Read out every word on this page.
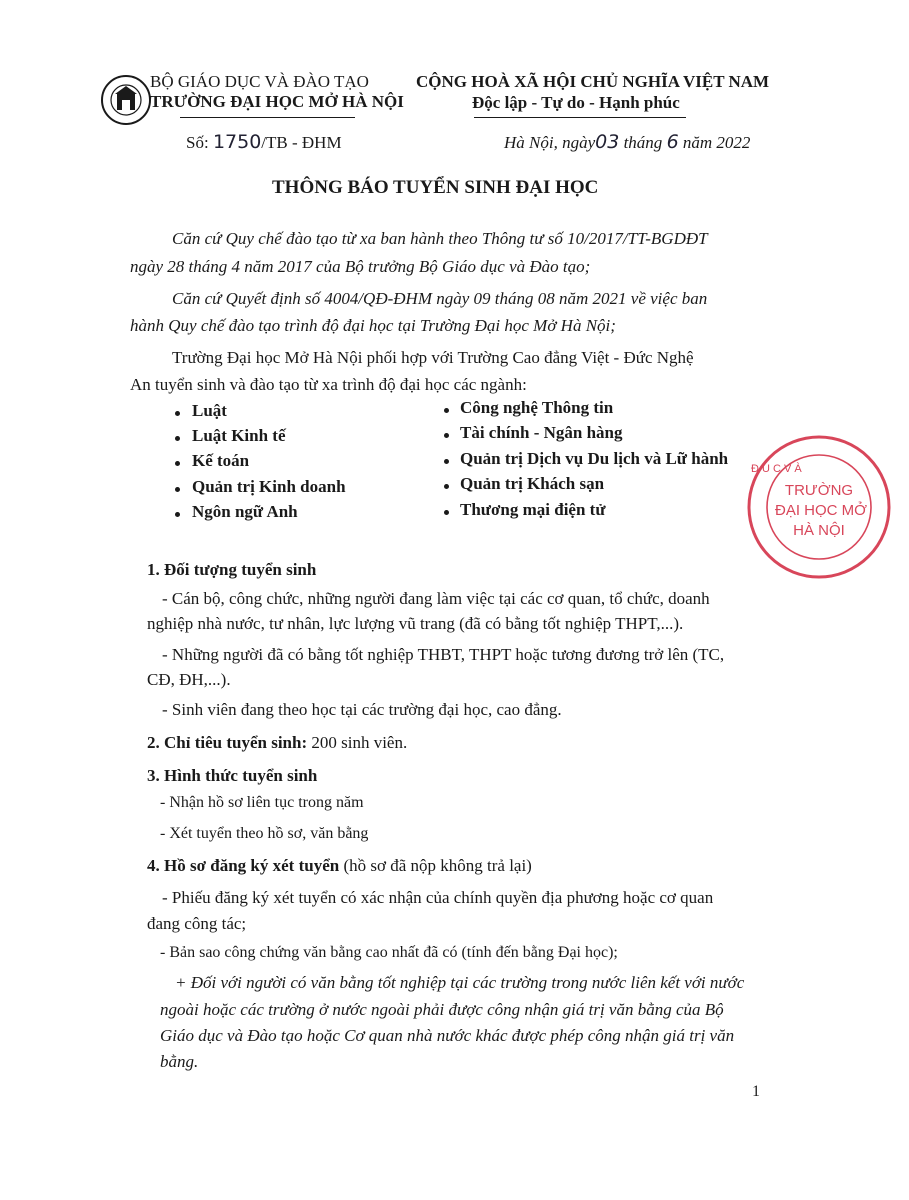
BỘ GIÁO DỤC VÀ ĐÀO TẠO
TRƯỜNG ĐẠI HỌC MỞ HÀ NỘI
Số: 1750/TB - ĐHM
CỘNG HOÀ XÃ HỘI CHỦ NGHĨA VIỆT NAM
Độc lập - Tự do - Hạnh phúc
Hà Nội, ngày03 tháng 6 năm 2022
THÔNG BÁO TUYỂN SINH ĐẠI HỌC
Căn cứ Quy chế đào tạo từ xa ban hành theo Thông tư số 10/2017/TT-BGDĐT
ngày 28 tháng 4 năm 2017 của Bộ trưởng Bộ Giáo dục và Đào tạo;
Căn cứ Quyết định số 4004/QĐ-ĐHM ngày 09 tháng 08 năm 2021 về việc ban
hành Quy chế đào tạo trình độ đại học tại Trường Đại học Mở Hà Nội;
Trường Đại học Mở Hà Nội phối hợp với Trường Cao đẳng Việt - Đức Nghệ
An tuyển sinh và đào tạo từ xa trình độ đại học các ngành:
Luật
Luật Kinh tế
Kế toán
Quản trị Kinh doanh
Ngôn ngữ Anh
Công nghệ Thông tin
Tài chính - Ngân hàng
Quản trị Dịch vụ Du lịch và Lữ hành
Quản trị Khách sạn
Thương mại điện tử
TRƯỜNG
ĐẠI HỌC MỞ
HÀ NỘI
Đ U C V À
1. Đối tượng tuyển sinh
- Cán bộ, công chức, những người đang làm việc tại các cơ quan, tổ chức, doanh
nghiệp nhà nước, tư nhân, lực lượng vũ trang (đã có bằng tốt nghiệp THPT,...).
- Những người đã có bằng tốt nghiệp THBT, THPT hoặc tương đương trở lên (TC,
CĐ, ĐH,...).
- Sinh viên đang theo học tại các trường đại học, cao đẳng.
2. Chỉ tiêu tuyển sinh: 200 sinh viên.
3. Hình thức tuyển sinh
- Nhận hồ sơ liên tục trong năm
- Xét tuyển theo hồ sơ, văn bằng
4. Hồ sơ đăng ký xét tuyển (hồ sơ đã nộp không trả lại)
- Phiếu đăng ký xét tuyển có xác nhận của chính quyền địa phương hoặc cơ quan
đang công tác;
- Bản sao công chứng văn bằng cao nhất đã có (tính đến bằng Đại học);
+ Đối với người có văn bằng tốt nghiệp tại các trường trong nước liên kết với nước
ngoài hoặc các trường ở nước ngoài phải được công nhận giá trị văn bằng của Bộ
Giáo dục và Đào tạo hoặc Cơ quan nhà nước khác được phép công nhận giá trị văn
bằng.
1
